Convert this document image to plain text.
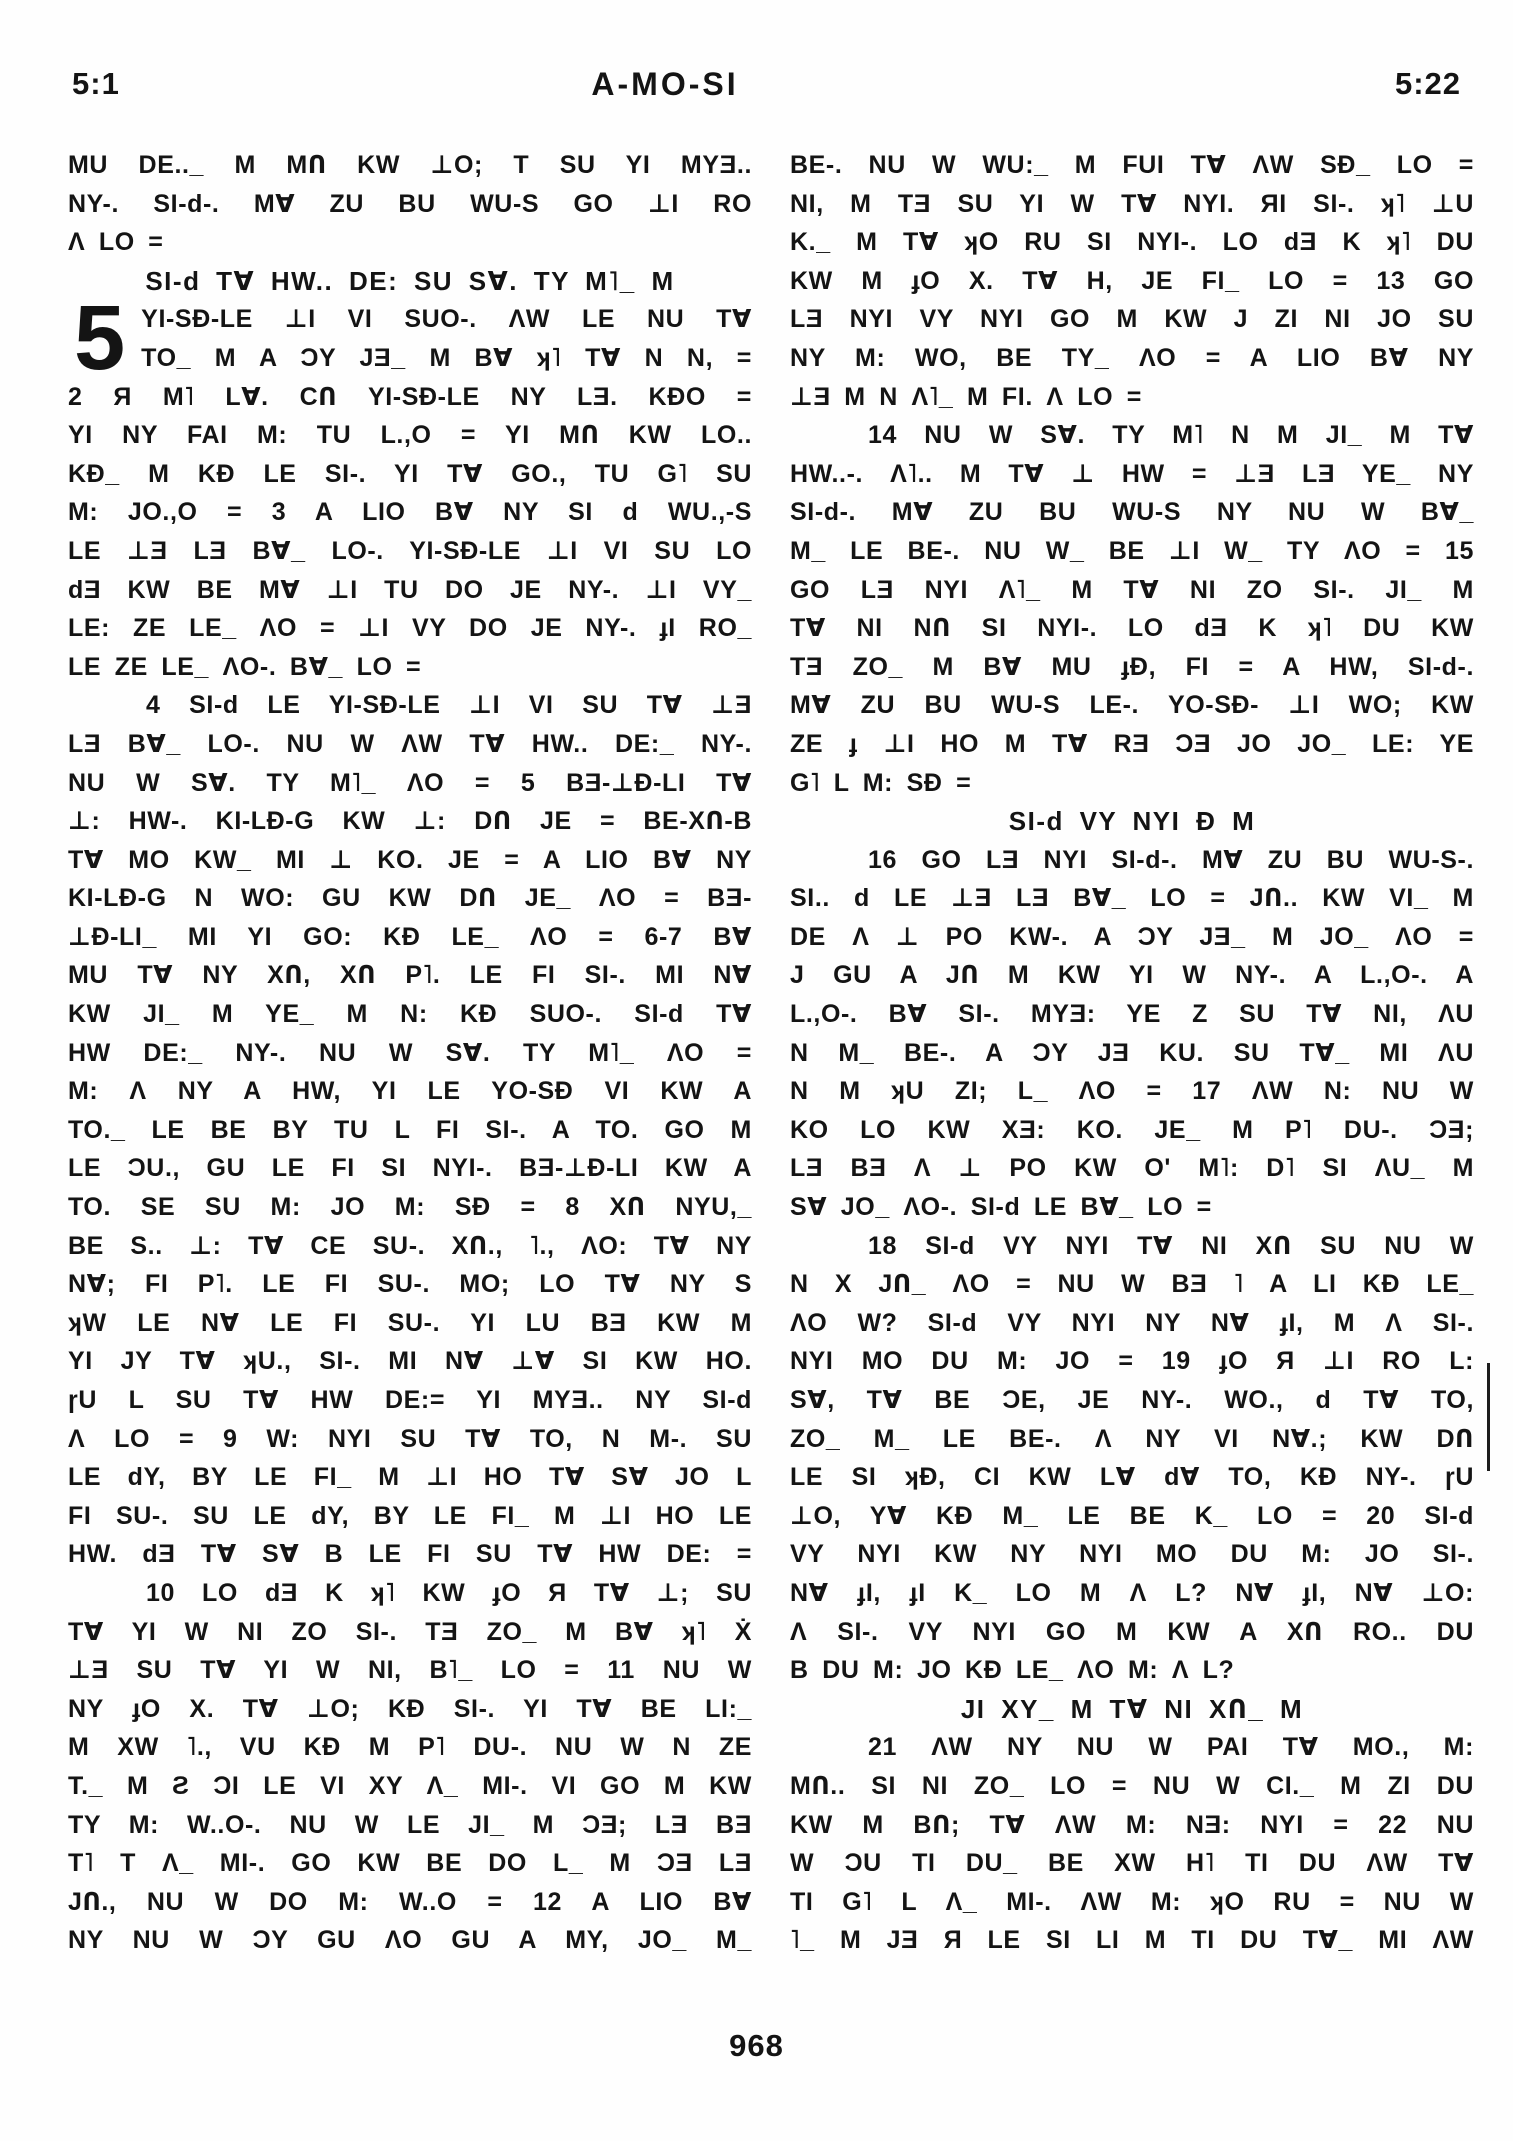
5:1	A-MO-SI	5:22
MU DE.._ M MՈ KW ⊥O; T SU YI MYƎ..
NY-. SI-d-. MⱯ ZU BU WU-S GO ⊥I RO
Ʌ LO =
SI-d TⱯ HW.. DE: SU SⱯ. TY M˥_ M
5 YI-SƉ-LE ⊥I VI SUO-. ɅW LE NU TⱯ
TO_ M A ƆY JƎ_ M BⱯ ʞ˥ TⱯ N N, =
2 Я M˥ LⱯ. CՈ YI-SƉ-LE NY LƎ. KƉO =
YI NY FAI M: TU L.,O = YI MՈ KW LO..
KƉ_ M KƉ LE SI-. YI TⱯ GO., TU G˥ SU
M: JO.,O = 3 A LIO BⱯ NY SI d WU.,-S
LE ⊥Ǝ LƎ BⱯ_ LO-. YI-SƉ-LE ⊥I VI SU LO
dƎ KW BE MⱯ ⊥I TU DO JE NY-. ⊥I VY_
LE: ZE LE_ ɅO = ⊥I VY DO JE NY-. ɟI RO_
LE ZE LE_ ɅO-. BⱯ_ LO =
4 SI-d LE YI-SƉ-LE ⊥I VI SU TⱯ ⊥Ǝ
LƎ BⱯ_ LO-. NU W ɅW TⱯ HW.. DE:_ NY-.
NU W SⱯ. TY M˥_ ɅO = 5 BƎ-⊥Ɖ-LI TⱯ
⊥: HW-. KI-LƉ-G KW ⊥: DՈ JE = BE-XՈ-B
TⱯ MO KW_ MI ⊥ KO. JE = A LIO BⱯ NY
KI-LƉ-G N WO: GU KW DՈ JE_ ɅO = BƎ-
⊥Ɖ-LI_ MI YI GO: KƉ LE_ ɅO = 6-7 BⱯ
MU TⱯ NY XՈ, XՈ P˥. LE FI SI-. MI NⱯ
KW JI_ M YE_ M N: KƉ SUO-. SI-d TⱯ
HW DE:_ NY-. NU W SⱯ. TY M˥_ ɅO =
M: Ʌ NY A HW, YI LE YO-SƉ VI KW A
TO._ LE BE BY TU L FI SI-. A TO. GO M
LE ƆU., GU LE FI SI NYI-. BƎ-⊥Ɖ-LI KW A
TO. SE SU M: JO M: SƉ = 8 XՈ NYU,_
BE S.. ⊥: TⱯ CE SU-. XՈ., ˥., ɅO: TⱯ NY
NⱯ; FI P˥. LE FI SU-. MO; LO TⱯ NY S
ʞW LE NⱯ LE FI SU-. YI LU BƎ KW M
YI JY TⱯ ʞU., SI-. MI NⱯ ⊥Ɐ SI KW HO.
ɼU L SU TⱯ HW DE:= YI MYƎ.. NY SI-d
Ʌ LO = 9 W: NYI SU TⱯ TO, N M-. SU
LE dY, BY LE FI_ M ⊥I HO TⱯ SⱯ JO L
FI SU-. SU LE dY, BY LE FI_ M ⊥I HO LE
HW. dƎ TⱯ SⱯ B LE FI SU TⱯ HW DE: =
10 LO dƎ K ʞ˥ KW ɟO Я TⱯ ⊥; SU
TⱯ YI W NI ZO SI-. TƎ ZO_ M BⱯ ʞ˥ Ẋ
⊥Ǝ SU TⱯ YI W NI, B˥_ LO = 11 NU W
NY ɟO X. TⱯ ⊥O; KƉ SI-. YI TⱯ BE LI:_
M XW ˥., VU KƉ M P˥ DU-. NU W N ZE
T._ M Ƨ ƆI LE VI XY Ʌ_ MI-. VI GO M KW
TY M: W..O-. NU W LE JI_ M ƆƎ; LƎ BƎ
T˥ T Ʌ_ MI-. GO KW BE DO L_ M ƆƎ LƎ
JՈ., NU W DO M: W..O = 12 A LIO BⱯ
NY NU W ƆY GU ɅO GU A MY, JO_ M_
BE-. NU W WU:_ M FUI TⱯ ɅW SƉ_ LO =
NI, M TƎ SU YI W TⱯ NYI. ЯI SI-. ʞ˥ ⊥U
K._ M TⱯ ʞO RU SI NYI-. LO dƎ K ʞ˥ DU
KW M ɟO X. TⱯ H, JE FI_ LO = 13 GO
LƎ NYI VY NYI GO M KW J ZI NI JO SU
NY M: WO, BE TY_ ɅO = A LIO BⱯ NY
⊥Ǝ M N Ʌ˥_ M FI. Ʌ LO =
14 NU W SⱯ. TY M˥ N M JI_ M TⱯ
HW..-. Ʌ˥.. M TⱯ ⊥ HW = ⊥Ǝ LƎ YE_ NY
SI-d-. MⱯ ZU BU WU-S NY NU W BⱯ_
M_ LE BE-. NU W_ BE ⊥I W_ TY ɅO = 15
GO LƎ NYI Ʌ˥_ M TⱯ NI ZO SI-. JI_ M
TⱯ NI NՈ SI NYI-. LO dƎ K ʞ˥ DU KW
TƎ ZO_ M BⱯ MU ɟƉ, FI = A HW, SI-d-.
MⱯ ZU BU WU-S LE-. YO-SƉ- ⊥I WO; KW
ZE ɟ ⊥I HO M TⱯ RƎ ƆƎ JO JO_ LE: YE
G˥ L M: SƉ =
SI-d VY NYI Ɖ M
16 GO LƎ NYI SI-d-. MⱯ ZU BU WU-S-.
SI.. d LE ⊥Ǝ LƎ BⱯ_ LO = JՈ.. KW VI_ M
DE Ʌ ⊥ PO KW-. A ƆY JƎ_ M JO_ ɅO =
J GU A JՈ M KW YI W NY-. A L.,O-. A
L.,O-. BⱯ SI-. MYƎ: YE Z SU TⱯ NI, ɅU
N M_ BE-. A ƆY JƎ KU. SU TⱯ_ MI ɅU
N M ʞU ZI; L_ ɅO = 17 ɅW N: NU W
KO LO KW XƎ: KO. JE_ M P˥ DU-. ƆƎ;
LƎ BƎ Ʌ ⊥ PO KW O' M˥: D˥ SI ɅU_ M
SⱯ JO_ ɅO-. SI-d LE BⱯ_ LO =
18 SI-d VY NYI TⱯ NI XՈ SU NU W
N X JՈ_ ɅO = NU W BƎ ˥ A LI KƉ LE_
ɅO W? SI-d VY NYI NY NⱯ ɟI, M Ʌ SI-.
NYI MO DU M: JO = 19 ɟO Я ⊥I RO L:
SⱯ, TⱯ BE ƆE, JE NY-. WO., d TⱯ TO,
ZO_ M_ LE BE-. Ʌ NY VI NⱯ.; KW DՈ
LE SI ʞƉ, CI KW LⱯ dⱯ TO, KƉ NY-. ɼU
⊥O, YⱯ KƉ M_ LE BE K_ LO = 20 SI-d
VY NYI KW NY NYI MO DU M: JO SI-.
NⱯ ɟI, ɟI K_ LO M Ʌ L? NⱯ ɟI, NⱯ ⊥O:
Ʌ SI-. VY NYI GO M KW A XՈ RO.. DU
B DU M: JO KƉ LE_ ɅO M: Ʌ L?
JI XY_ M TⱯ NI XՈ_ M
21 ɅW NY NU W PAI TⱯ MO., M:
MՈ.. SI NI ZO_ LO = NU W CI._ M ZI DU
KW M BՈ; TⱯ ɅW M: NƎ: NYI = 22 NU
W ƆU TI DU_ BE XW H˥ TI DU ɅW TⱯ
TI G˥ L Ʌ_ MI-. ɅW M: ʞO RU = NU W
˥_ M JƎ Я LE SI LI M TI DU TⱯ_ MI ɅW
968
